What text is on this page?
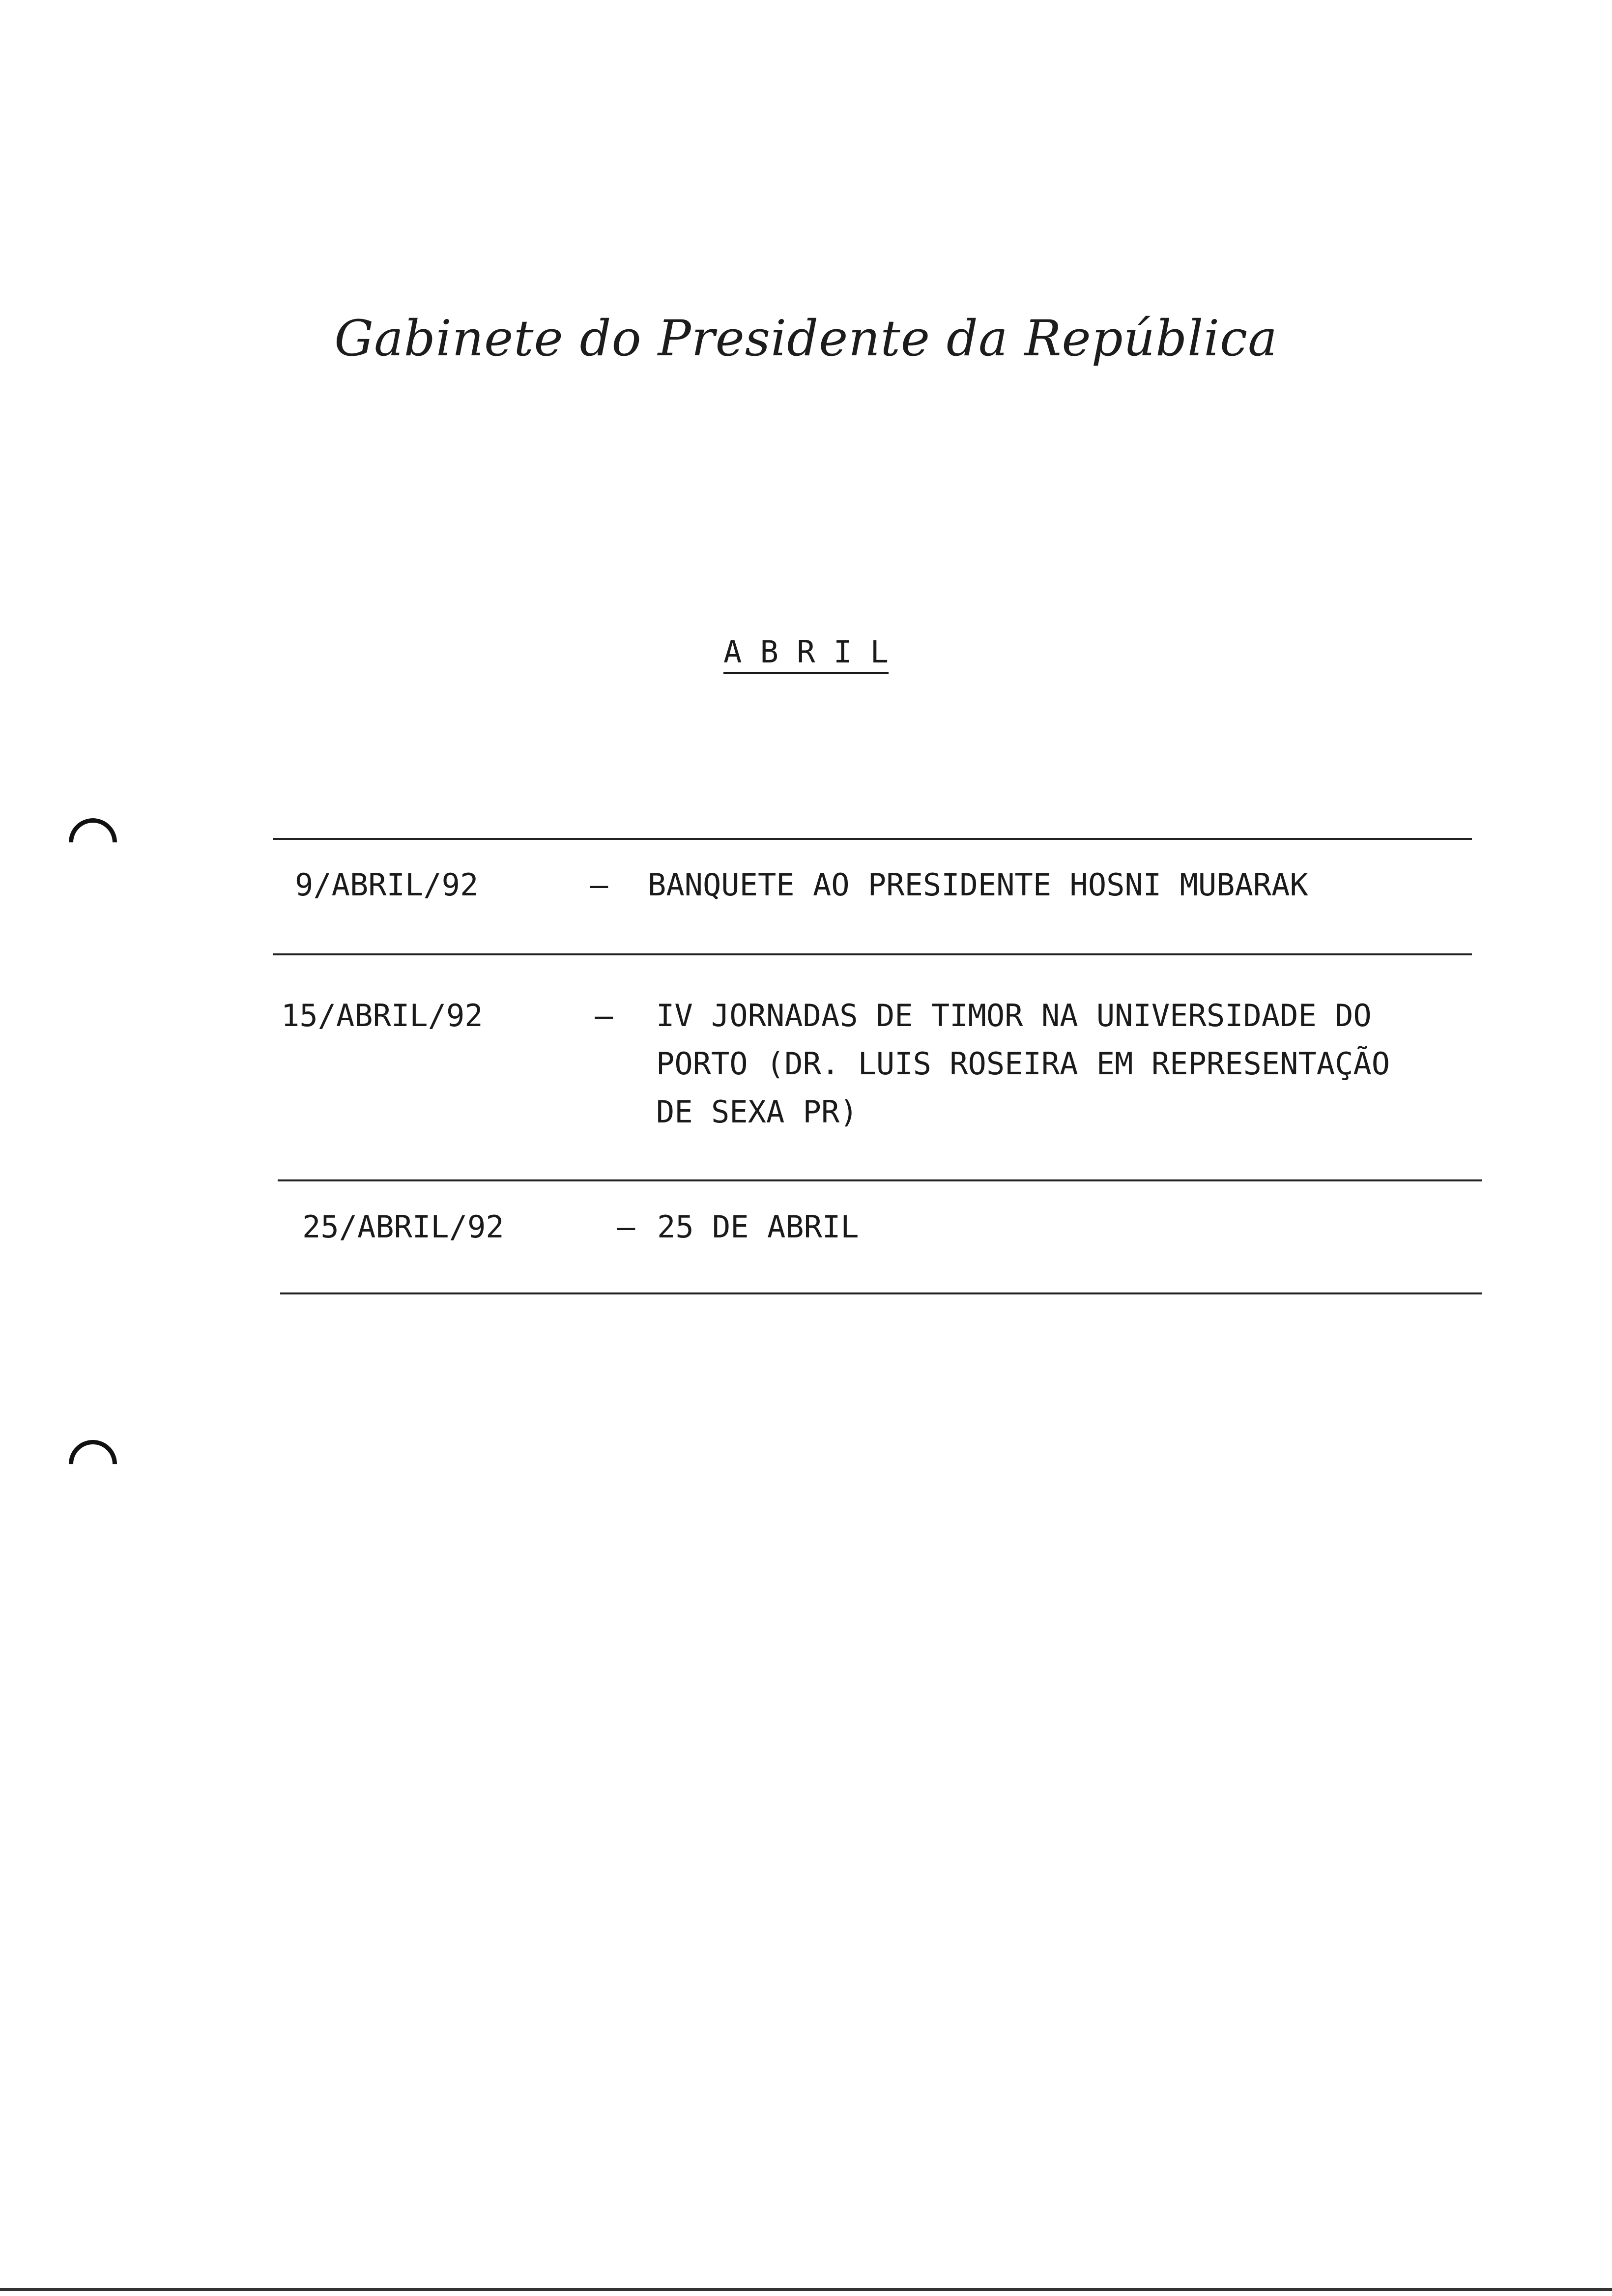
Gabinete do Presidente da República
A B R I L
9/ABRIL/92	– BANQUETE AO PRESIDENTE HOSNI MUBARAK
15/ABRIL/92	– IV JORNADAS DE TIMOR NA UNIVERSIDADE DO
PORTO (DR. LUIS ROSEIRA EM REPRESENTAÇÃO
DE SEXA PR)
25/ABRIL/92	– 25 DE ABRIL
